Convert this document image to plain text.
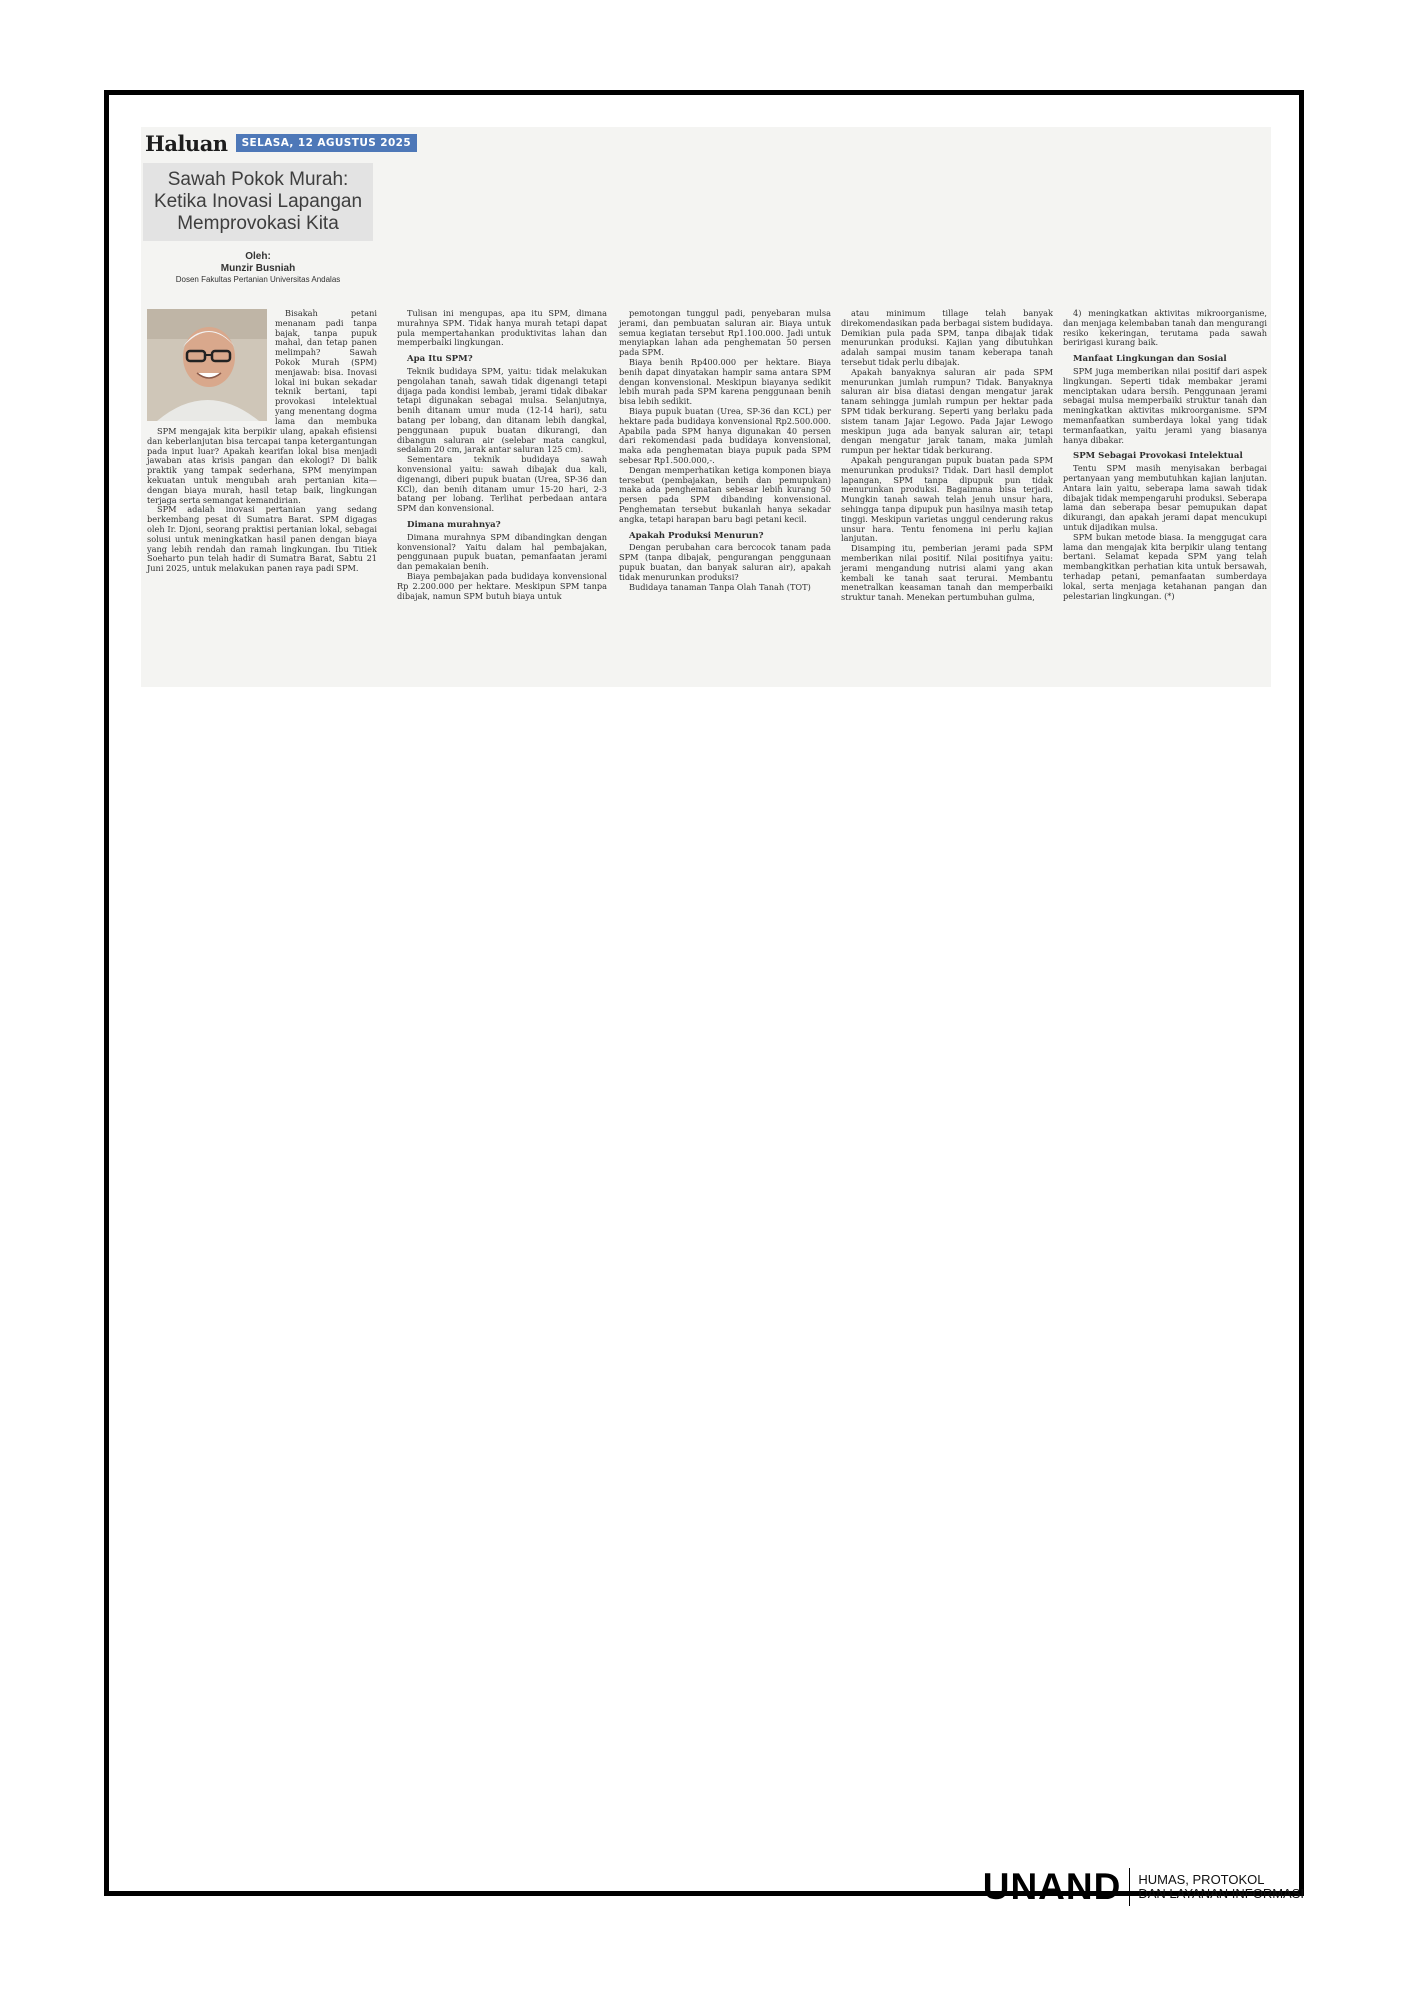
Haluan	SELASA, 12 AGUSTUS 2025
Sawah Pokok Murah:
Ketika Inovasi Lapangan
Memprovokasi Kita
Oleh:
Munzir Busniah
Dosen Fakultas Pertanian Universitas Andalas

Bisakah petani menanam padi tanpa bajak, tanpa pupuk mahal, dan tetap panen melimpah? Sawah Pokok Murah (SPM) menjawab: bisa. Inovasi lokal ini bukan sekadar teknik bertani, tapi provokasi intelektual yang menentang dogma lama dan membuka

SPM mengajak kita berpikir ulang, apakah efisiensi dan keberlanjutan bisa tercapai tanpa ketergantungan pada input luar? Apakah kearifan lokal bisa menjadi jawaban atas krisis pangan dan ekologi? Di balik praktik yang tampak sederhana, SPM menyimpan kekuatan untuk mengubah arah pertanian kita—dengan biaya murah, hasil tetap baik, lingkungan terjaga serta semangat kemandirian.

SPM adalah inovasi pertanian yang sedang berkembang pesat di Sumatra Barat. SPM digagas oleh Ir. Djoni, seorang praktisi pertanian lokal, sebagai solusi untuk meningkatkan hasil panen dengan biaya yang lebih rendah dan ramah lingkungan. Ibu Titiek Soeharto pun telah hadir di Sumatra Barat, Sabtu 21 Juni 2025, untuk melakukan panen raya padi SPM.

Tulisan ini mengupas, apa itu SPM, dimana murahnya SPM. Tidak hanya murah tetapi dapat pula mempertahankan produktivitas lahan dan memperbaiki lingkungan.

Apa Itu SPM?

Teknik budidaya SPM, yaitu: tidak melakukan pengolahan tanah, sawah tidak digenangi tetapi dijaga pada kondisi lembab, jerami tidak dibakar tetapi digunakan sebagai mulsa. Selanjutnya, benih ditanam umur muda (12-14 hari), satu batang per lobang, dan ditanam lebih dangkal, penggunaan pupuk buatan dikurangi, dan dibangun saluran air (selebar mata cangkul, sedalam 20 cm, jarak antar saluran 125 cm).

Sementara teknik budidaya sawah konvensional yaitu: sawah dibajak dua kali, digenangi, diberi pupuk buatan (Urea, SP-36 dan KCl), dan benih ditanam umur 15-20 hari, 2-3 batang per lobang. Terlihat perbedaan antara SPM dan konvensional.

Dimana murahnya?

Dimana murahnya SPM dibandingkan dengan konvensional? Yaitu dalam hal pembajakan, penggunaan pupuk buatan, pemanfaatan jerami dan pemakaian benih.

Biaya pembajakan pada budidaya konvensional Rp 2.200.000 per hektare. Meskipun SPM tanpa dibajak, namun SPM butuh biaya untuk

pemotongan tunggul padi, penyebaran mulsa jerami, dan pembuatan saluran air. Biaya untuk semua kegiatan tersebut Rp1.100.000. Jadi untuk menyiapkan lahan ada penghematan 50 persen pada SPM.

Biaya benih Rp400.000 per hektare. Biaya benih dapat dinyatakan hampir sama antara SPM dengan konvensional. Meskipun biayanya sedikit lebih murah pada SPM karena penggunaan benih bisa lebih sedikit.

Biaya pupuk buatan (Urea, SP-36 dan KCL) per hektare pada budidaya konvensional Rp2.500.000. Apabila pada SPM hanya digunakan 40 persen dari rekomendasi pada budidaya konvensional, maka ada penghematan biaya pupuk pada SPM sebesar Rp1.500.000,-.

Dengan memperhatikan ketiga komponen biaya tersebut (pembajakan, benih dan pemupukan) maka ada penghematan sebesar lebih kurang 50 persen pada SPM dibanding konvensional. Penghematan tersebut bukanlah hanya sekadar angka, tetapi harapan baru bagi petani kecil.

Apakah Produksi Menurun?

Dengan perubahan cara bercocok tanam pada SPM (tanpa dibajak, pengurangan penggunaan pupuk buatan, dan banyak saluran air), apakah tidak menurunkan produksi?

Budidaya tanaman Tanpa Olah Tanah (TOT)

atau minimum tillage telah banyak direkomendasikan pada berbagai sistem budidaya. Demikian pula pada SPM, tanpa dibajak tidak menurunkan produksi. Kajian yang dibutuhkan adalah sampai musim tanam keberapa tanah tersebut tidak perlu dibajak.

Apakah banyaknya saluran air pada SPM menurunkan jumlah rumpun? Tidak. Banyaknya saluran air bisa diatasi dengan mengatur jarak tanam sehingga jumlah rumpun per hektar pada SPM tidak berkurang. Seperti yang berlaku pada sistem tanam Jajar Legowo. Pada Jajar Lewogo meskipun juga ada banyak saluran air, tetapi dengan mengatur jarak tanam, maka jumlah rumpun per hektar tidak berkurang.

Apakah pengurangan pupuk buatan pada SPM menurunkan produksi? Tidak. Dari hasil demplot lapangan, SPM tanpa dipupuk pun tidak menurunkan produksi. Bagaimana bisa terjadi. Mungkin tanah sawah telah jenuh unsur hara, sehingga tanpa dipupuk pun hasilnya masih tetap tinggi. Meskipun varietas unggul cenderung rakus unsur hara. Tentu fenomena ini perlu kajian lanjutan.

Disamping itu, pemberian jerami pada SPM memberikan nilai positif. Nilai positifnya yaitu: jerami mengandung nutrisi alami yang akan kembali ke tanah saat terurai. Membantu menetralkan keasaman tanah dan memperbaiki struktur tanah. Menekan pertumbuhan gulma,

4) meningkatkan aktivitas mikroorganisme, dan menjaga kelembaban tanah dan mengurangi resiko kekeringan, terutama pada sawah beririgasi kurang baik.

Manfaat Lingkungan dan Sosial

SPM juga memberikan nilai positif dari aspek lingkungan. Seperti tidak membakar jerami menciptakan udara bersih. Penggunaan jerami sebagai mulsa memperbaiki struktur tanah dan meningkatkan aktivitas mikroorganisme. SPM memanfaatkan sumberdaya lokal yang tidak termanfaatkan, yaitu jerami yang biasanya hanya dibakar.

SPM Sebagai Provokasi Intelektual

Tentu SPM masih menyisakan berbagai pertanyaan yang membutuhkan kajian lanjutan. Antara lain yaitu, seberapa lama sawah tidak dibajak tidak mempengaruhi produksi. Seberapa lama dan seberapa besar pemupukan dapat dikurangi, dan apakah jerami dapat mencukupi untuk dijadikan mulsa.

SPM bukan metode biasa. Ia menggugat cara lama dan mengajak kita berpikir ulang tentang bertani. Selamat kepada SPM yang telah membangkitkan perhatian kita untuk bersawah, terhadap petani, pemanfaatan sumberdaya lokal, serta menjaga ketahanan pangan dan pelestarian lingkungan. (*)

UNAND HUMAS, PROTOKOL
DAN LAYANAN INFORMASI
